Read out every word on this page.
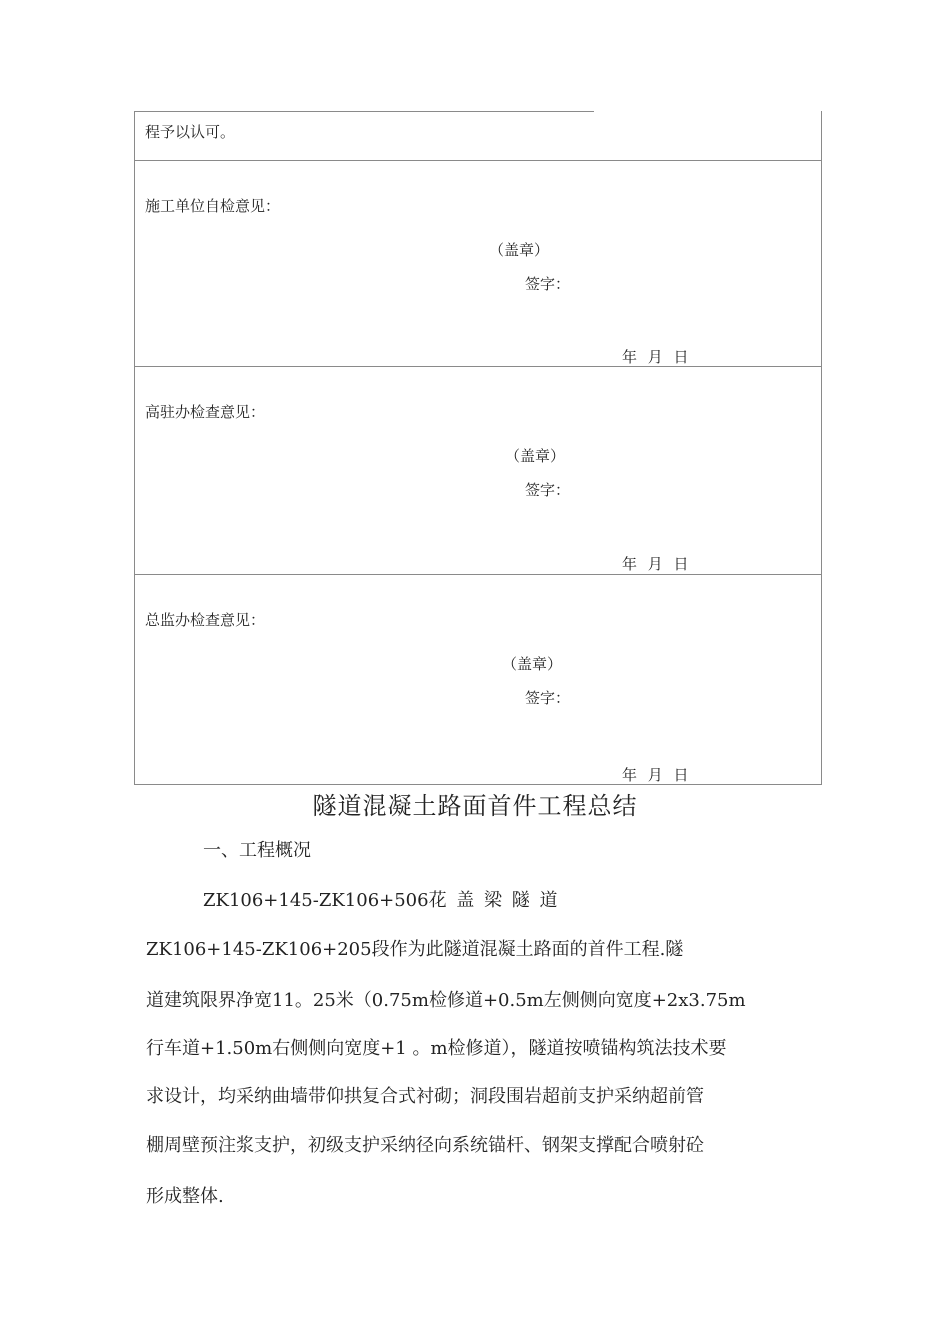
程予以认可。
施工单位自检意见：
（盖章）
签字：
年 月 日
高驻办检查意见：
（盖章）
签字：
年 月 日
总监办检查意见：
（盖章）
签字：
年 月 日
隧道混凝土路面首件工程总结
一、工程概况
ZK106+145-ZK106+506花 盖 梁 隧 道
ZK106+145-ZK106+205段作为此隧道混凝土路面的首件工程.隧
道建筑限界净宽11。25米（0.75m检修道+0.5m左侧侧向宽度+2x3.75m
行车道+1.50m右侧侧向宽度+1 。m检修道），隧道按喷锚构筑法技术要
求设计，均采纳曲墙带仰拱复合式衬砌；洞段围岩超前支护采纳超前管
棚周壁预注浆支护，初级支护采纳径向系统锚杆、钢架支撑配合喷射砼
形成整体.
